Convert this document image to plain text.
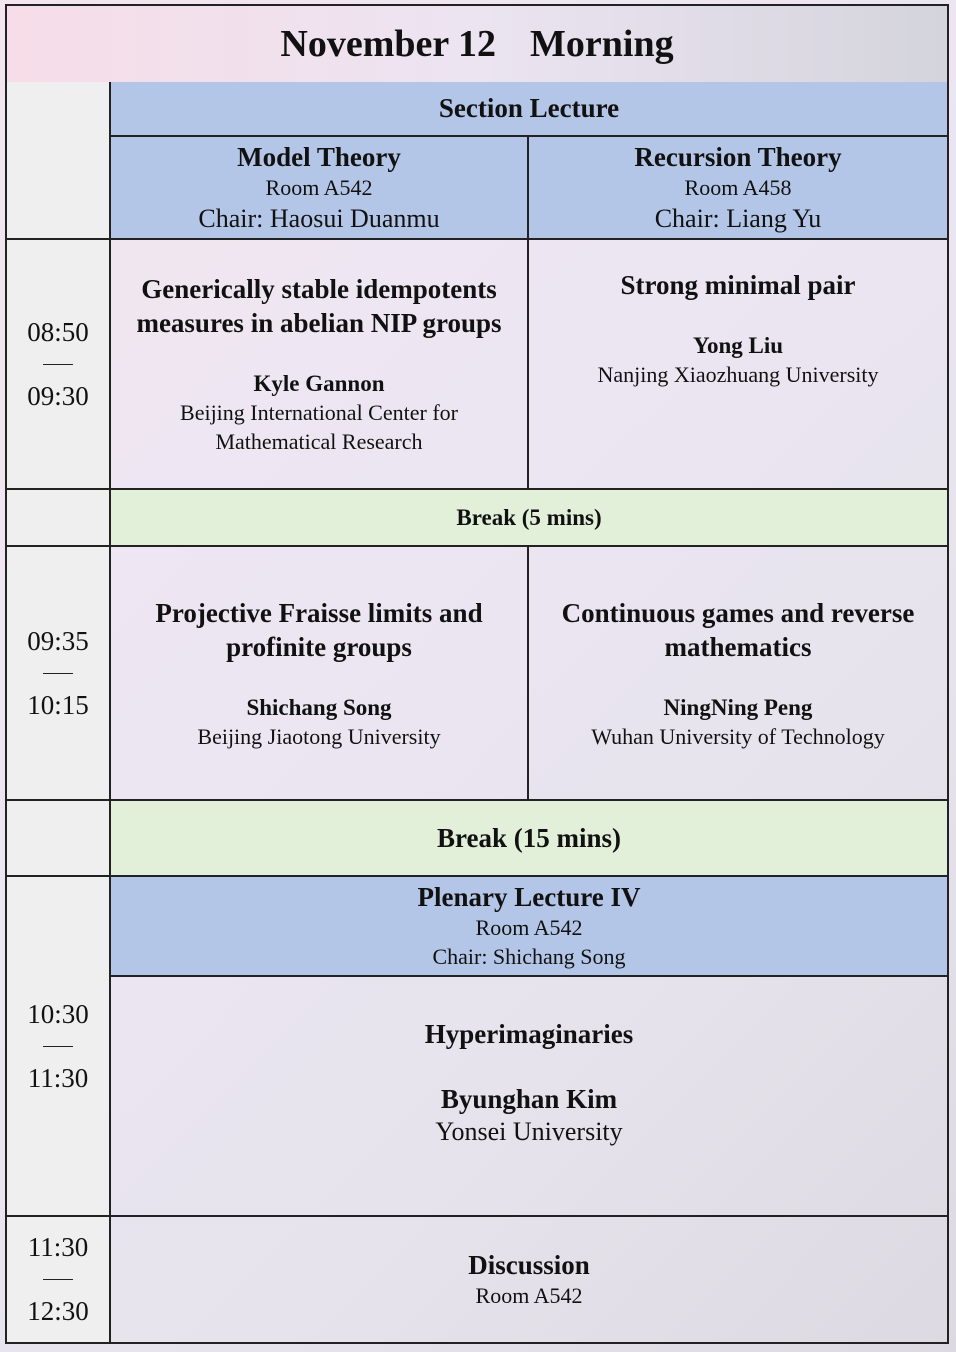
November 12 Morning
Section Lecture
Model Theory
Room A542
Chair: Haosui Duanmu
Recursion Theory
Room A458
Chair: Liang Yu
08:50
09:30
Generically stable idempotents measures in abelian NIP groups
Kyle Gannon
Beijing International Center for Mathematical Research
Strong minimal pair
Yong Liu
Nanjing Xiaozhuang University
Break (5 mins)
09:35
10:15
Projective Fraisse limits and profinite groups
Shichang Song
Beijing Jiaotong University
Continuous games and reverse mathematics
NingNing Peng
Wuhan University of Technology
Break (15 mins)
10:30
11:30
Plenary Lecture IV
Room A542
Chair: Shichang Song
Hyperimaginaries
Byunghan Kim
Yonsei University
11:30
12:30
Discussion
Room A542
